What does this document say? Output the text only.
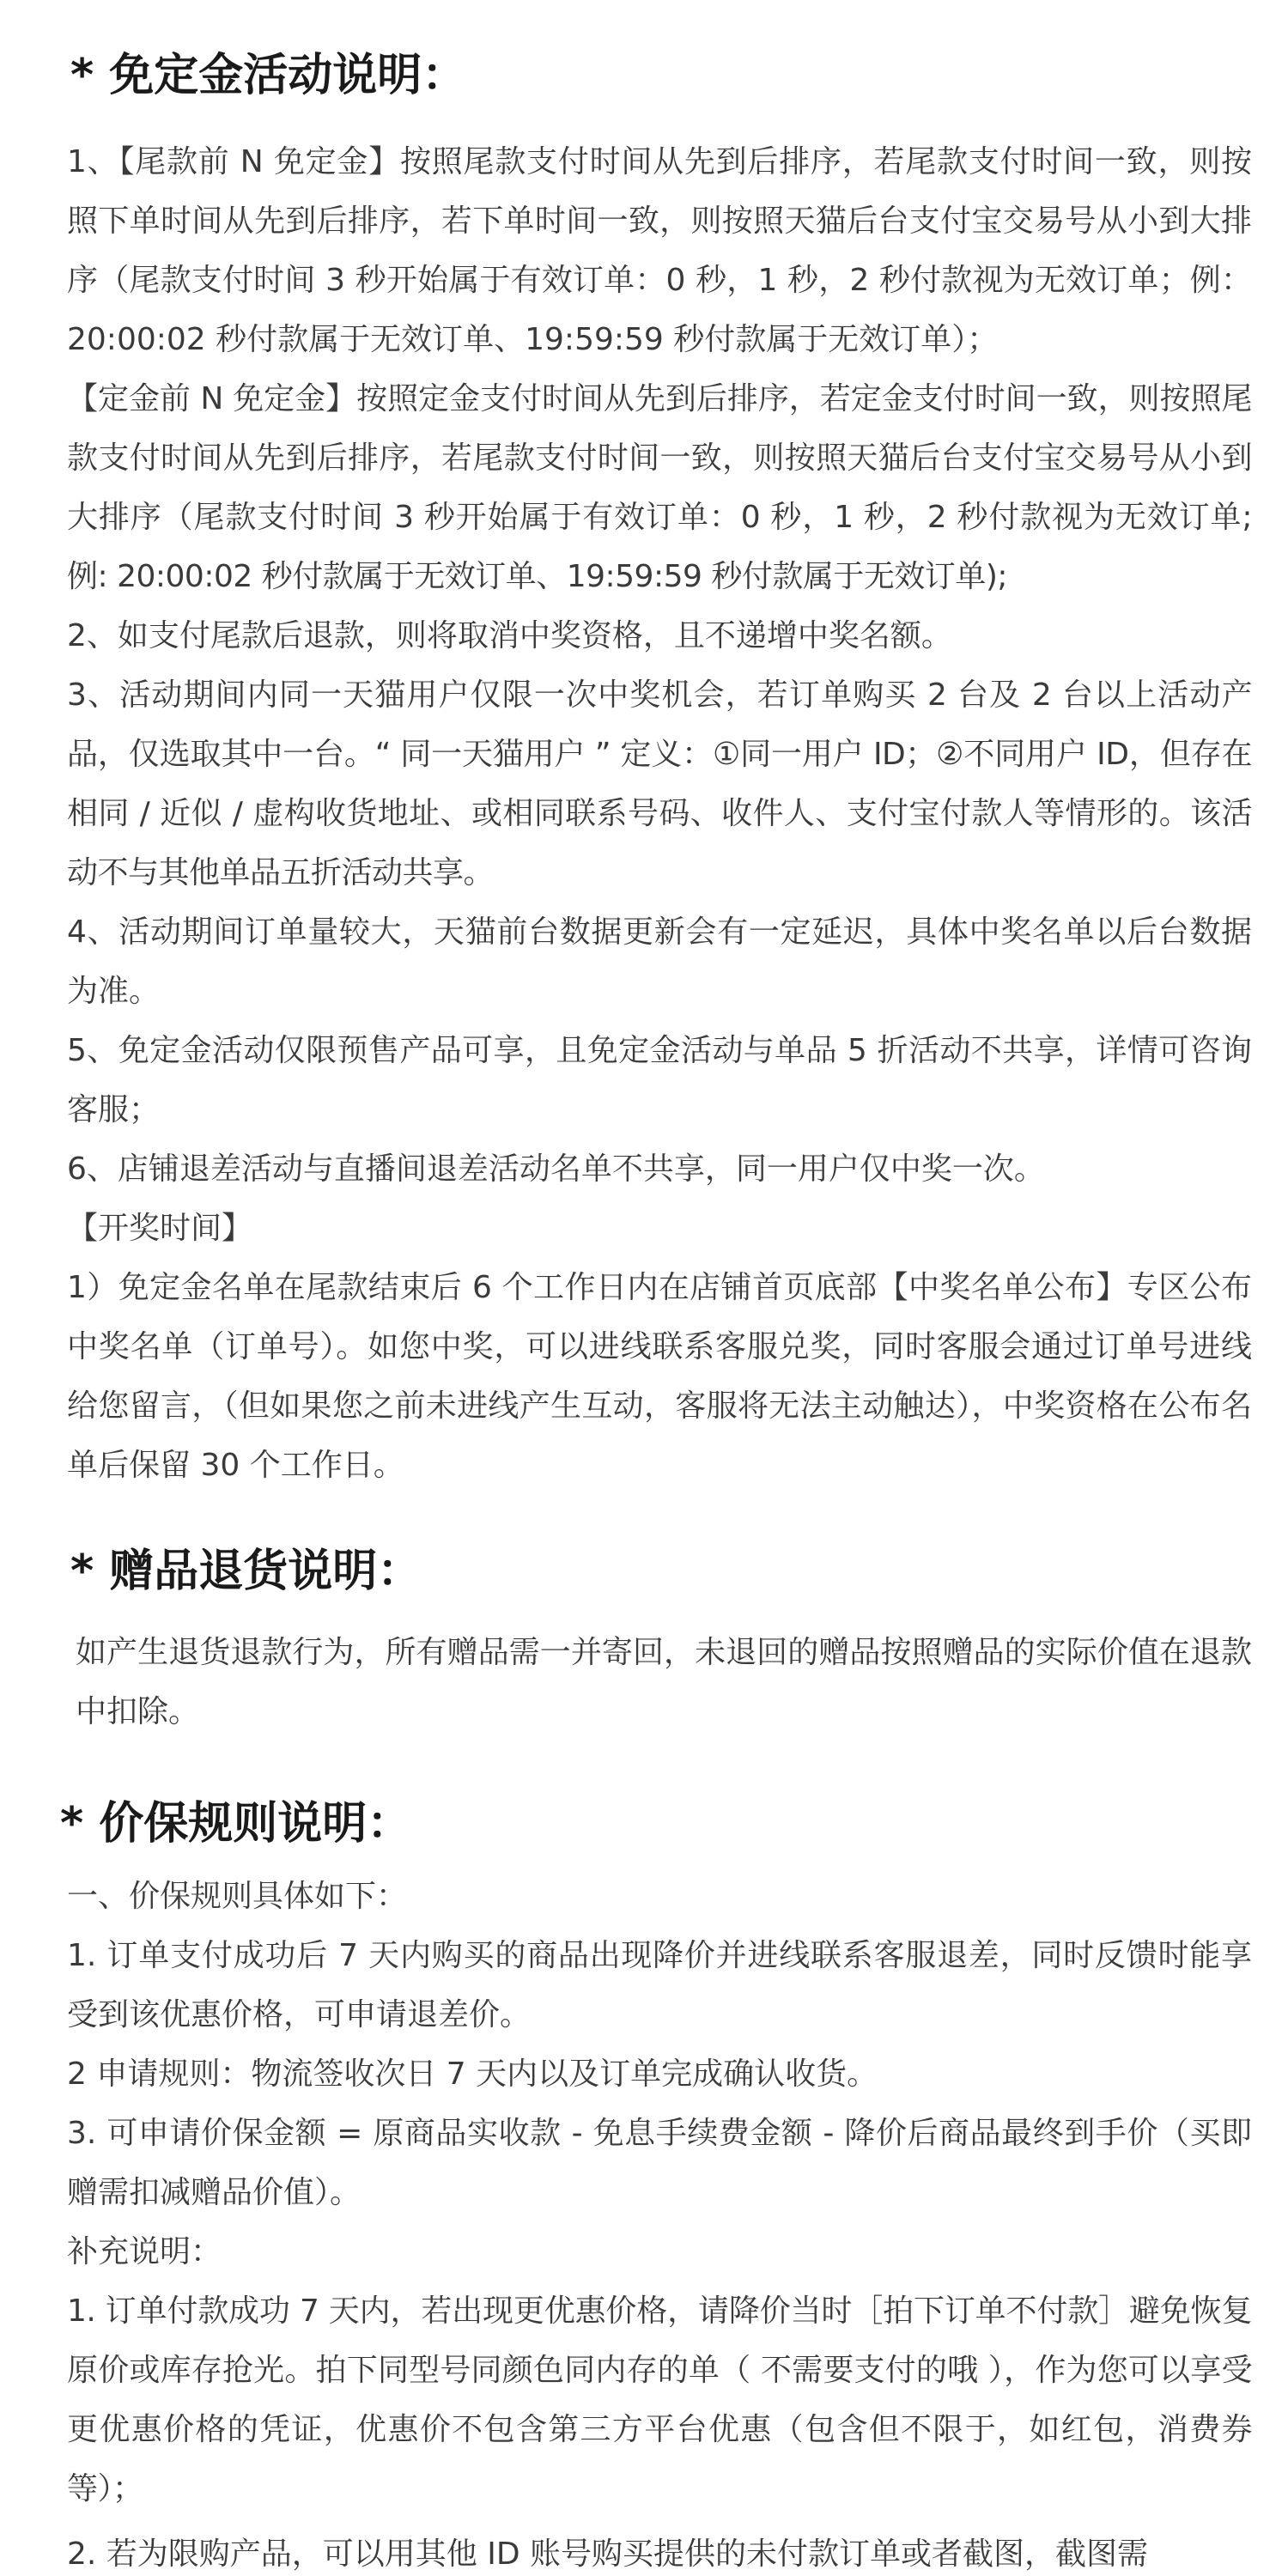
* 免定金活动说明：

1、【尾款前 N 免定金】按照尾款支付时间从先到后排序，若尾款支付时间一致，则按照下单时间从先到后排序，若下单时间一致，则按照天猫后台支付宝交易号从小到大排序（尾款支付时间 3 秒开始属于有效订单：0 秒，1 秒，2 秒付款视为无效订单；例：20:00:02 秒付款属于无效订单、19:59:59 秒付款属于无效订单）；

【定金前 N 免定金】按照定金支付时间从先到后排序，若定金支付时间一致，则按照尾款支付时间从先到后排序，若尾款支付时间一致，则按照天猫后台支付宝交易号从小到大排序（尾款支付时间 3 秒开始属于有效订单：0 秒，1 秒，2 秒付款视为无效订单; 例: 20:00:02 秒付款属于无效订单、19:59:59 秒付款属于无效订单);

2、如支付尾款后退款，则将取消中奖资格，且不递增中奖名额。

3、活动期间内同一天猫用户仅限一次中奖机会，若订单购买 2 台及 2 台以上活动产品，仅选取其中一台。“ 同一天猫用户 ” 定义：①同一用户 ID；②不同用户 ID，但存在相同 / 近似 / 虚构收货地址、或相同联系号码、收件人、支付宝付款人等情形的。该活动不与其他单品五折活动共享。

4、活动期间订单量较大，天猫前台数据更新会有一定延迟，具体中奖名单以后台数据为准。

5、免定金活动仅限预售产品可享，且免定金活动与单品 5 折活动不共享，详情可咨询客服；

6、店铺退差活动与直播间退差活动名单不共享，同一用户仅中奖一次。

【开奖时间】

1）免定金名单在尾款结束后 6 个工作日内在店铺首页底部【中奖名单公布】专区公布中奖名单（订单号）。如您中奖，可以进线联系客服兑奖，同时客服会通过订单号进线给您留言，（但如果您之前未进线产生互动，客服将无法主动触达），中奖资格在公布名单后保留 30 个工作日。

* 赠品退货说明：

如产生退货退款行为，所有赠品需一并寄回，未退回的赠品按照赠品的实际价值在退款中扣除。

* 价保规则说明：

一、价保规则具体如下：

1. 订单支付成功后 7 天内购买的商品出现降价并进线联系客服退差，同时反馈时能享受到该优惠价格，可申请退差价。

2 申请规则：物流签收次日 7 天内以及订单完成确认收货。

3. 可申请价保金额 = 原商品实收款 - 免息手续费金额 - 降价后商品最终到手价（买即赠需扣减赠品价值）。

补充说明：

1. 订单付款成功 7 天内，若出现更优惠价格，请降价当时［拍下订单不付款］避免恢复原价或库存抢光。拍下同型号同颜色同内存的单（ 不需要支付的哦 ），作为您可以享受更优惠价格的凭证，优惠价不包含第三方平台优惠（包含但不限于，如红包，消费券等）；

2. 若为限购产品，可以用其他 ID 账号购买提供的未付款订单或者截图，截图需
